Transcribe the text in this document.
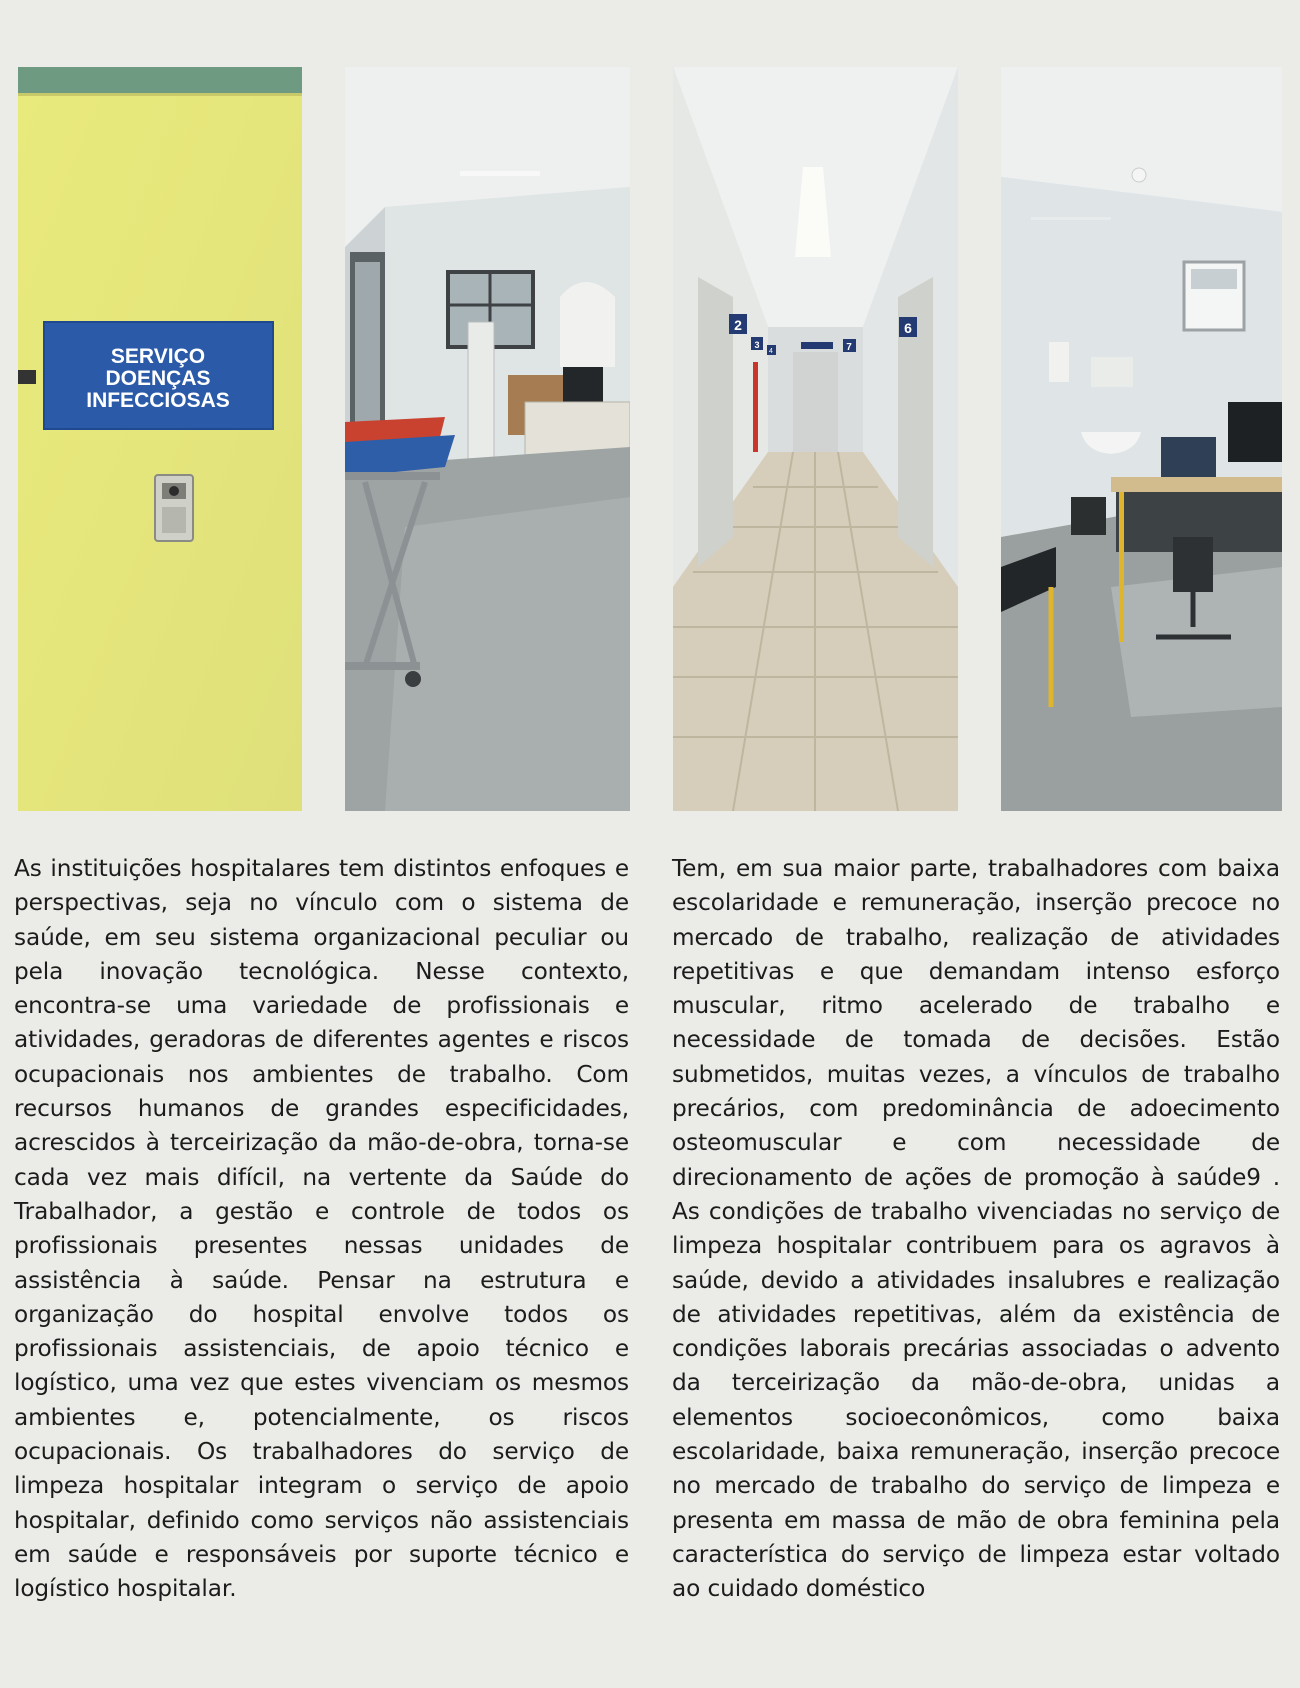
SERVIÇO
DOENÇAS
INFECCIOSAS
2
3
4	7
6

As instituições hospitalares tem distintos enfoques e perspectivas, seja no vínculo com o sistema de saúde, em seu sistema organizacional peculiar ou pela inovação tecnológica. Nesse contexto, encontra-se uma variedade de profissionais e atividades, geradoras de diferentes agentes e riscos ocupacionais nos ambientes de trabalho. Com recursos humanos de grandes especificidades, acrescidos à terceirização da mão-de-obra, torna-se cada vez mais difícil, na vertente da Saúde do Trabalhador, a gestão e controle de todos os profissionais presentes nessas unidades de assistência à saúde. Pensar na estrutura e organização do hospital envolve todos os profissionais assistenciais, de apoio técnico e logístico, uma vez que estes vivenciam os mesmos ambientes e, potencialmente, os riscos ocupacionais. Os trabalhadores do serviço de limpeza hospitalar integram o serviço de apoio hospitalar, definido como serviços não assistenciais em saúde e responsáveis por suporte técnico e logístico hospitalar.

Tem, em sua maior parte, trabalhadores com baixa escolaridade e remuneração, inserção precoce no mercado de trabalho, realização de atividades repetitivas e que demandam intenso esforço muscular, ritmo acelerado de trabalho e necessidade de tomada de decisões. Estão submetidos, muitas vezes, a vínculos de trabalho precários, com predominância de adoecimento osteomuscular e com necessidade de direcionamento de ações de promoção à saúde9 . As condições de trabalho vivenciadas no serviço de limpeza hospitalar contribuem para os agravos à saúde, devido a atividades insalubres e realização de atividades repetitivas, além da existência de condições laborais precárias associadas o advento da terceirização da mão-de-obra, unidas a elementos socioeconômicos, como baixa escolaridade, baixa remuneração, inserção precoce no mercado de trabalho do serviço de limpeza e presenta em massa de mão de obra feminina pela característica do serviço de limpeza estar voltado ao cuidado doméstico
